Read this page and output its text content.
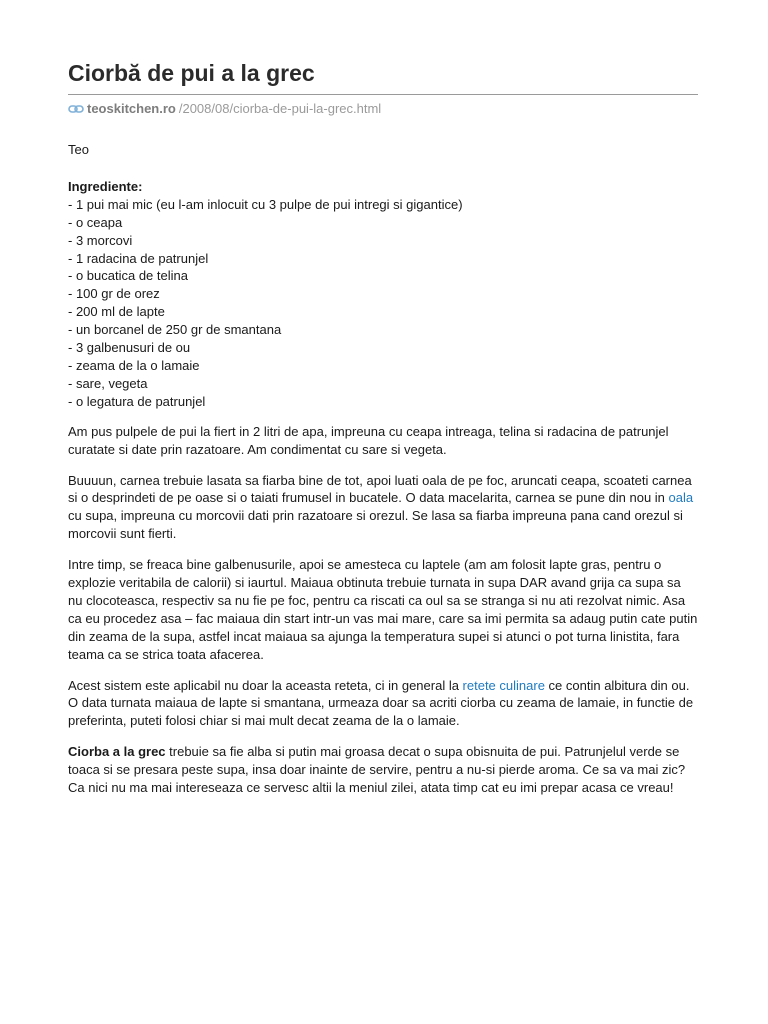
Ciorbă de pui a la grec
teoskitchen.ro /2008/08/ciorba-de-pui-la-grec.html
Teo
Ingrediente:
- 1 pui mai mic (eu l-am inlocuit cu 3 pulpe de pui intregi si gigantice)
- o ceapa
- 3 morcovi
- 1 radacina de patrunjel
- o bucatica de telina
- 100 gr de orez
- 200 ml de lapte
- un borcanel de 250 gr de smantana
- 3 galbenusuri de ou
- zeama de la o lamaie
- sare, vegeta
- o legatura de patrunjel

Am pus pulpele de pui la fiert in 2 litri de apa, impreuna cu ceapa intreaga, telina si radacina de patrunjel curatate si date prin razatoare. Am condimentat cu sare si vegeta.

Buuuun, carnea trebuie lasata sa fiarba bine de tot, apoi luati oala de pe foc, aruncati ceapa, scoateti carnea si o desprindeti de pe oase si o taiati frumusel in bucatele. O data macelarita, carnea se pune din nou in oala cu supa, impreuna cu morcovii dati prin razatoare si orezul. Se lasa sa fiarba impreuna pana cand orezul si morcovii sunt fierti.

Intre timp, se freaca bine galbenusurile, apoi se amesteca cu laptele (am am folosit lapte gras, pentru o explozie veritabila de calorii) si iaurtul. Maiaua obtinuta trebuie turnata in supa DAR avand grija ca supa sa nu clocoteasca, respectiv sa nu fie pe foc, pentru ca riscati ca oul sa se stranga si nu ati rezolvat nimic. Asa ca eu procedez asa – fac maiaua din start intr-un vas mai mare, care sa imi permita sa adaug putin cate putin din zeama de la supa, astfel incat maiaua sa ajunga la temperatura supei si atunci o pot turna linistita, fara teama ca se strica toata afacerea.

Acest sistem este aplicabil nu doar la aceasta reteta, ci in general la retete culinare ce contin albitura din ou. O data turnata maiaua de lapte si smantana, urmeaza doar sa acriti ciorba cu zeama de lamaie, in functie de preferinta, puteti folosi chiar si mai mult decat zeama de la o lamaie.

Ciorba a la grec trebuie sa fie alba si putin mai groasa decat o supa obisnuita de pui. Patrunjelul verde se toaca si se presara peste supa, insa doar inainte de servire, pentru a nu-si pierde aroma. Ce sa va mai zic? Ca nici nu ma mai intereseaza ce servesc altii la meniul zilei, atata timp cat eu imi prepar acasa ce vreau!
